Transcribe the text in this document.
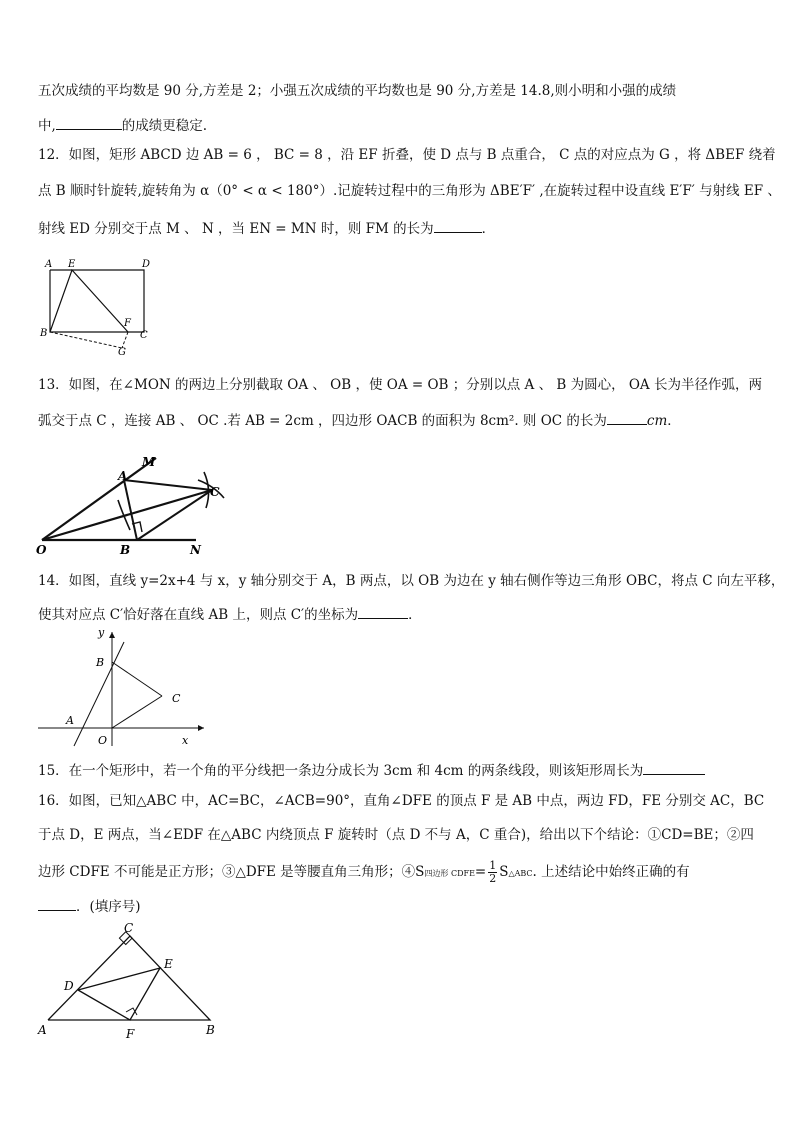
五次成绩的平均数是 90 分,方差是 2；小强五次成绩的平均数也是 90 分,方差是 14.8,则小明和小强的成绩
中,	的成绩更稳定.
12．如图，矩形 ABCD 边 AB = 6 ， BC = 8 ，沿 EF 折叠，使 D 点与 B 点重合， C 点的对应点为 G ，将 ΔBEF 绕着
点 B 顺时针旋转,旋转角为 α（0° < α < 180°）.记旋转过程中的三角形为 ΔBE′F′ ,在旋转过程中设直线 E′F′ 与射线 EF 、
射线 ED 分别交于点 M 、 N ，当 EN = MN 时，则 FM 的长为	．
A E	D
B
F
C
G
13．如图，在∠MON 的两边上分别截取 OA 、 OB ，使 OA = OB ；分别以点 A 、 B 为圆心， OA 长为半径作弧，两
弧交于点 C ，连接 AB 、 OC .若 AB = 2cm ，四边形 OACB 的面积为 8cm². 则 OC 的长为	cm．
A
M
C
O	B	N
14．如图，直线 y=2x+4 与 x，y 轴分别交于 A，B 两点，以 OB 为边在 y 轴右侧作等边三角形 OBC，将点 C 向左平移，
使其对应点 C′恰好落在直线 AB 上，则点 C′的坐标为	．
y
B
C
A
O	x
15．在一个矩形中，若一个角的平分线把一条边分成长为 3cm 和 4cm 的两条线段，则该矩形周长为
16．如图，已知△ABC 中，AC=BC，∠ACB=90°，直角∠DFE 的顶点 F 是 AB 中点，两边 FD，FE 分别交 AC，BC
于点 D，E 两点，当∠EDF 在△ABC 内绕顶点 F 旋转时（点 D 不与 A，C 重合)，给出以下个结论：①CD=BE；②四
边形 CDFE 不可能是正方形；③△DFE 是等腰直角三角形；④S四边形 CDFE= $\frac{1}{2}$ S△ABC. 上述结论中始终正确的有
．(填序号)
C
E
D
A	F	B
